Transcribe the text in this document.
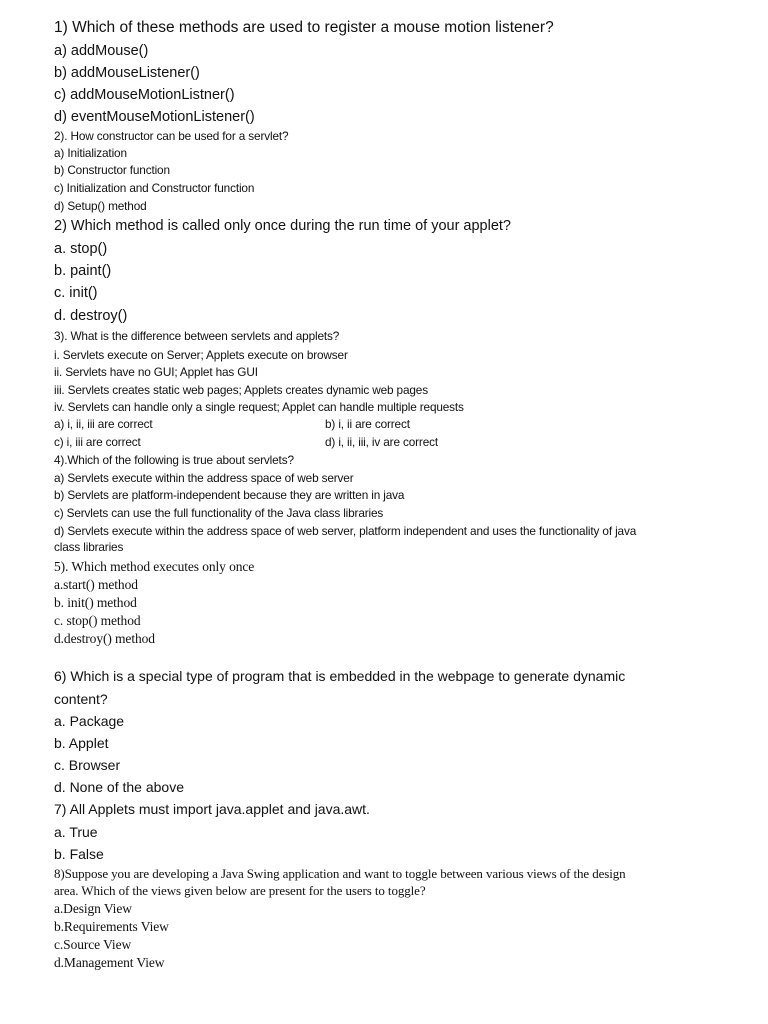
1) Which of these methods are used to register a mouse motion listener?
a) addMouse()
b) addMouseListener()
c) addMouseMotionListner()
d) eventMouseMotionListener()
2). How constructor can be used for a servlet?
a) Initialization
b) Constructor function
c) Initialization and Constructor function
d) Setup() method
2) Which method is called only once during the run time of your applet?
a. stop()
b. paint()
c. init()
d. destroy()
3). What is the difference between servlets and applets?
i. Servlets execute on Server; Applets execute on browser
ii. Servlets have no GUI; Applet has GUI
iii. Servlets creates static web pages; Applets creates dynamic web pages
iv. Servlets can handle only a single request; Applet can handle multiple requests
a) i, ii, iii are correct	b) i, ii are correct
c) i, iii are correct	d) i, ii, iii, iv are correct
4).Which of the following is true about servlets?
a) Servlets execute within the address space of web server
b) Servlets are platform-independent because they are written in java
c) Servlets can use the full functionality of the Java class libraries
d) Servlets execute within the address space of web server, platform independent and uses the functionality of java
class libraries
5). Which method executes only once
a.start() method
b. init() method
c. stop() method
d.destroy() method
6) Which is a special type of program that is embedded in the webpage to generate dynamic
content?
a. Package
b. Applet
c. Browser
d. None of the above
7) All Applets must import java.applet and java.awt.
a. True
b. False
8)Suppose you are developing a Java Swing application and want to toggle between various views of the design
area. Which of the views given below are present for the users to toggle?
a.Design View
b.Requirements View
c.Source View
d.Management View
